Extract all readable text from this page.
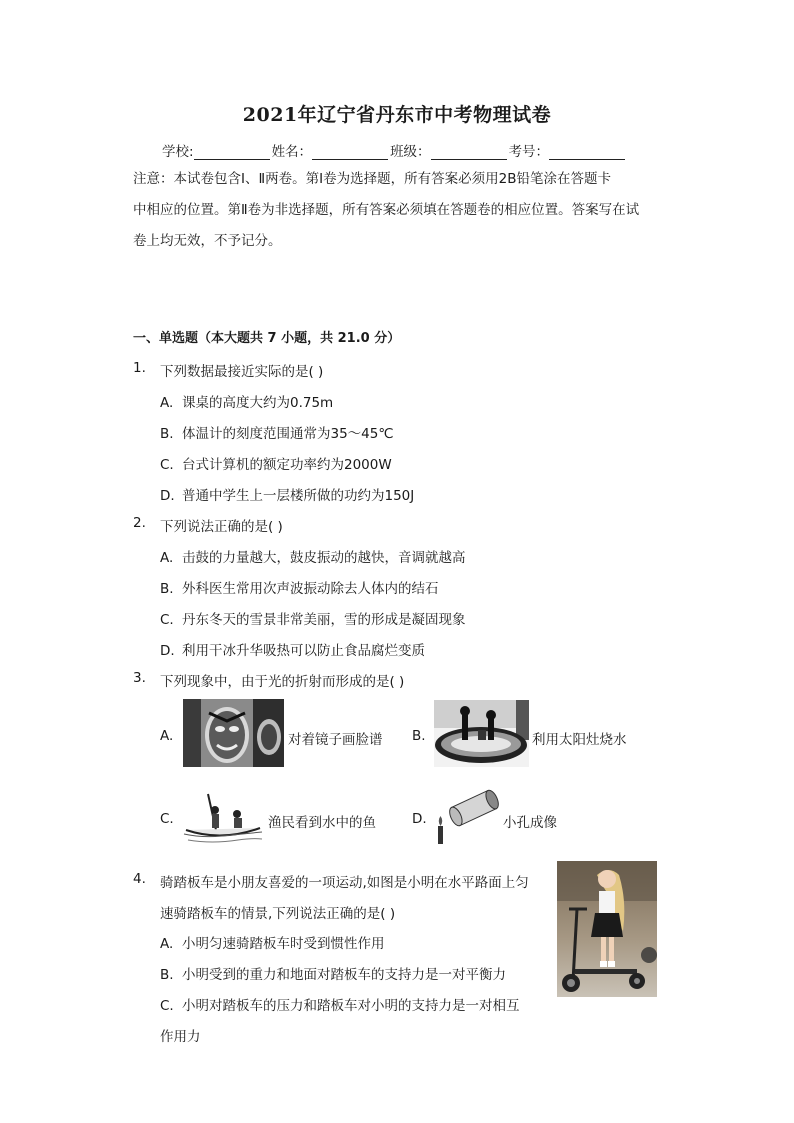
2021年辽宁省丹东市中考物理试卷
学校:	姓名：	班级：	考号：
注意：本试卷包含Ⅰ、Ⅱ两卷。第Ⅰ卷为选择题，所有答案必须用2B铅笔涂在答题卡
中相应的位置。第Ⅱ卷为非选择题，所有答案必须填在答题卷的相应位置。答案写在试
卷上均无效，不予记分。
一、单选题（本大题共 7 小题，共 21.0 分）
1. 下列数据最接近实际的是( )
A. 课桌的高度大约为0.75m
B. 体温计的刻度范围通常为35～45℃
C. 台式计算机的额定功率约为2000W
D. 普通中学生上一层楼所做的功约为150J
2. 下列说法正确的是( )
A. 击鼓的力量越大，鼓皮振动的越快，音调就越高
B. 外科医生常用次声波振动除去人体内的结石
C. 丹东冬天的雪景非常美丽，雪的形成是凝固现象
D. 利用干冰升华吸热可以防止食品腐烂变质
3. 下列现象中，由于光的折射而形成的是( )
A.	对着镜子画脸谱 B.	利用太阳灶烧水
C.	渔民看到水中的鱼	D.	小孔成像
4. 骑踏板车是小朋友喜爱的一项运动,如图是小明在水平路面上匀
速骑踏板车的情景,下列说法正确的是( )
A. 小明匀速骑踏板车时受到惯性作用
B. 小明受到的重力和地面对踏板车的支持力是一对平衡力
C. 小明对踏板车的压力和踏板车对小明的支持力是一对相互
作用力
